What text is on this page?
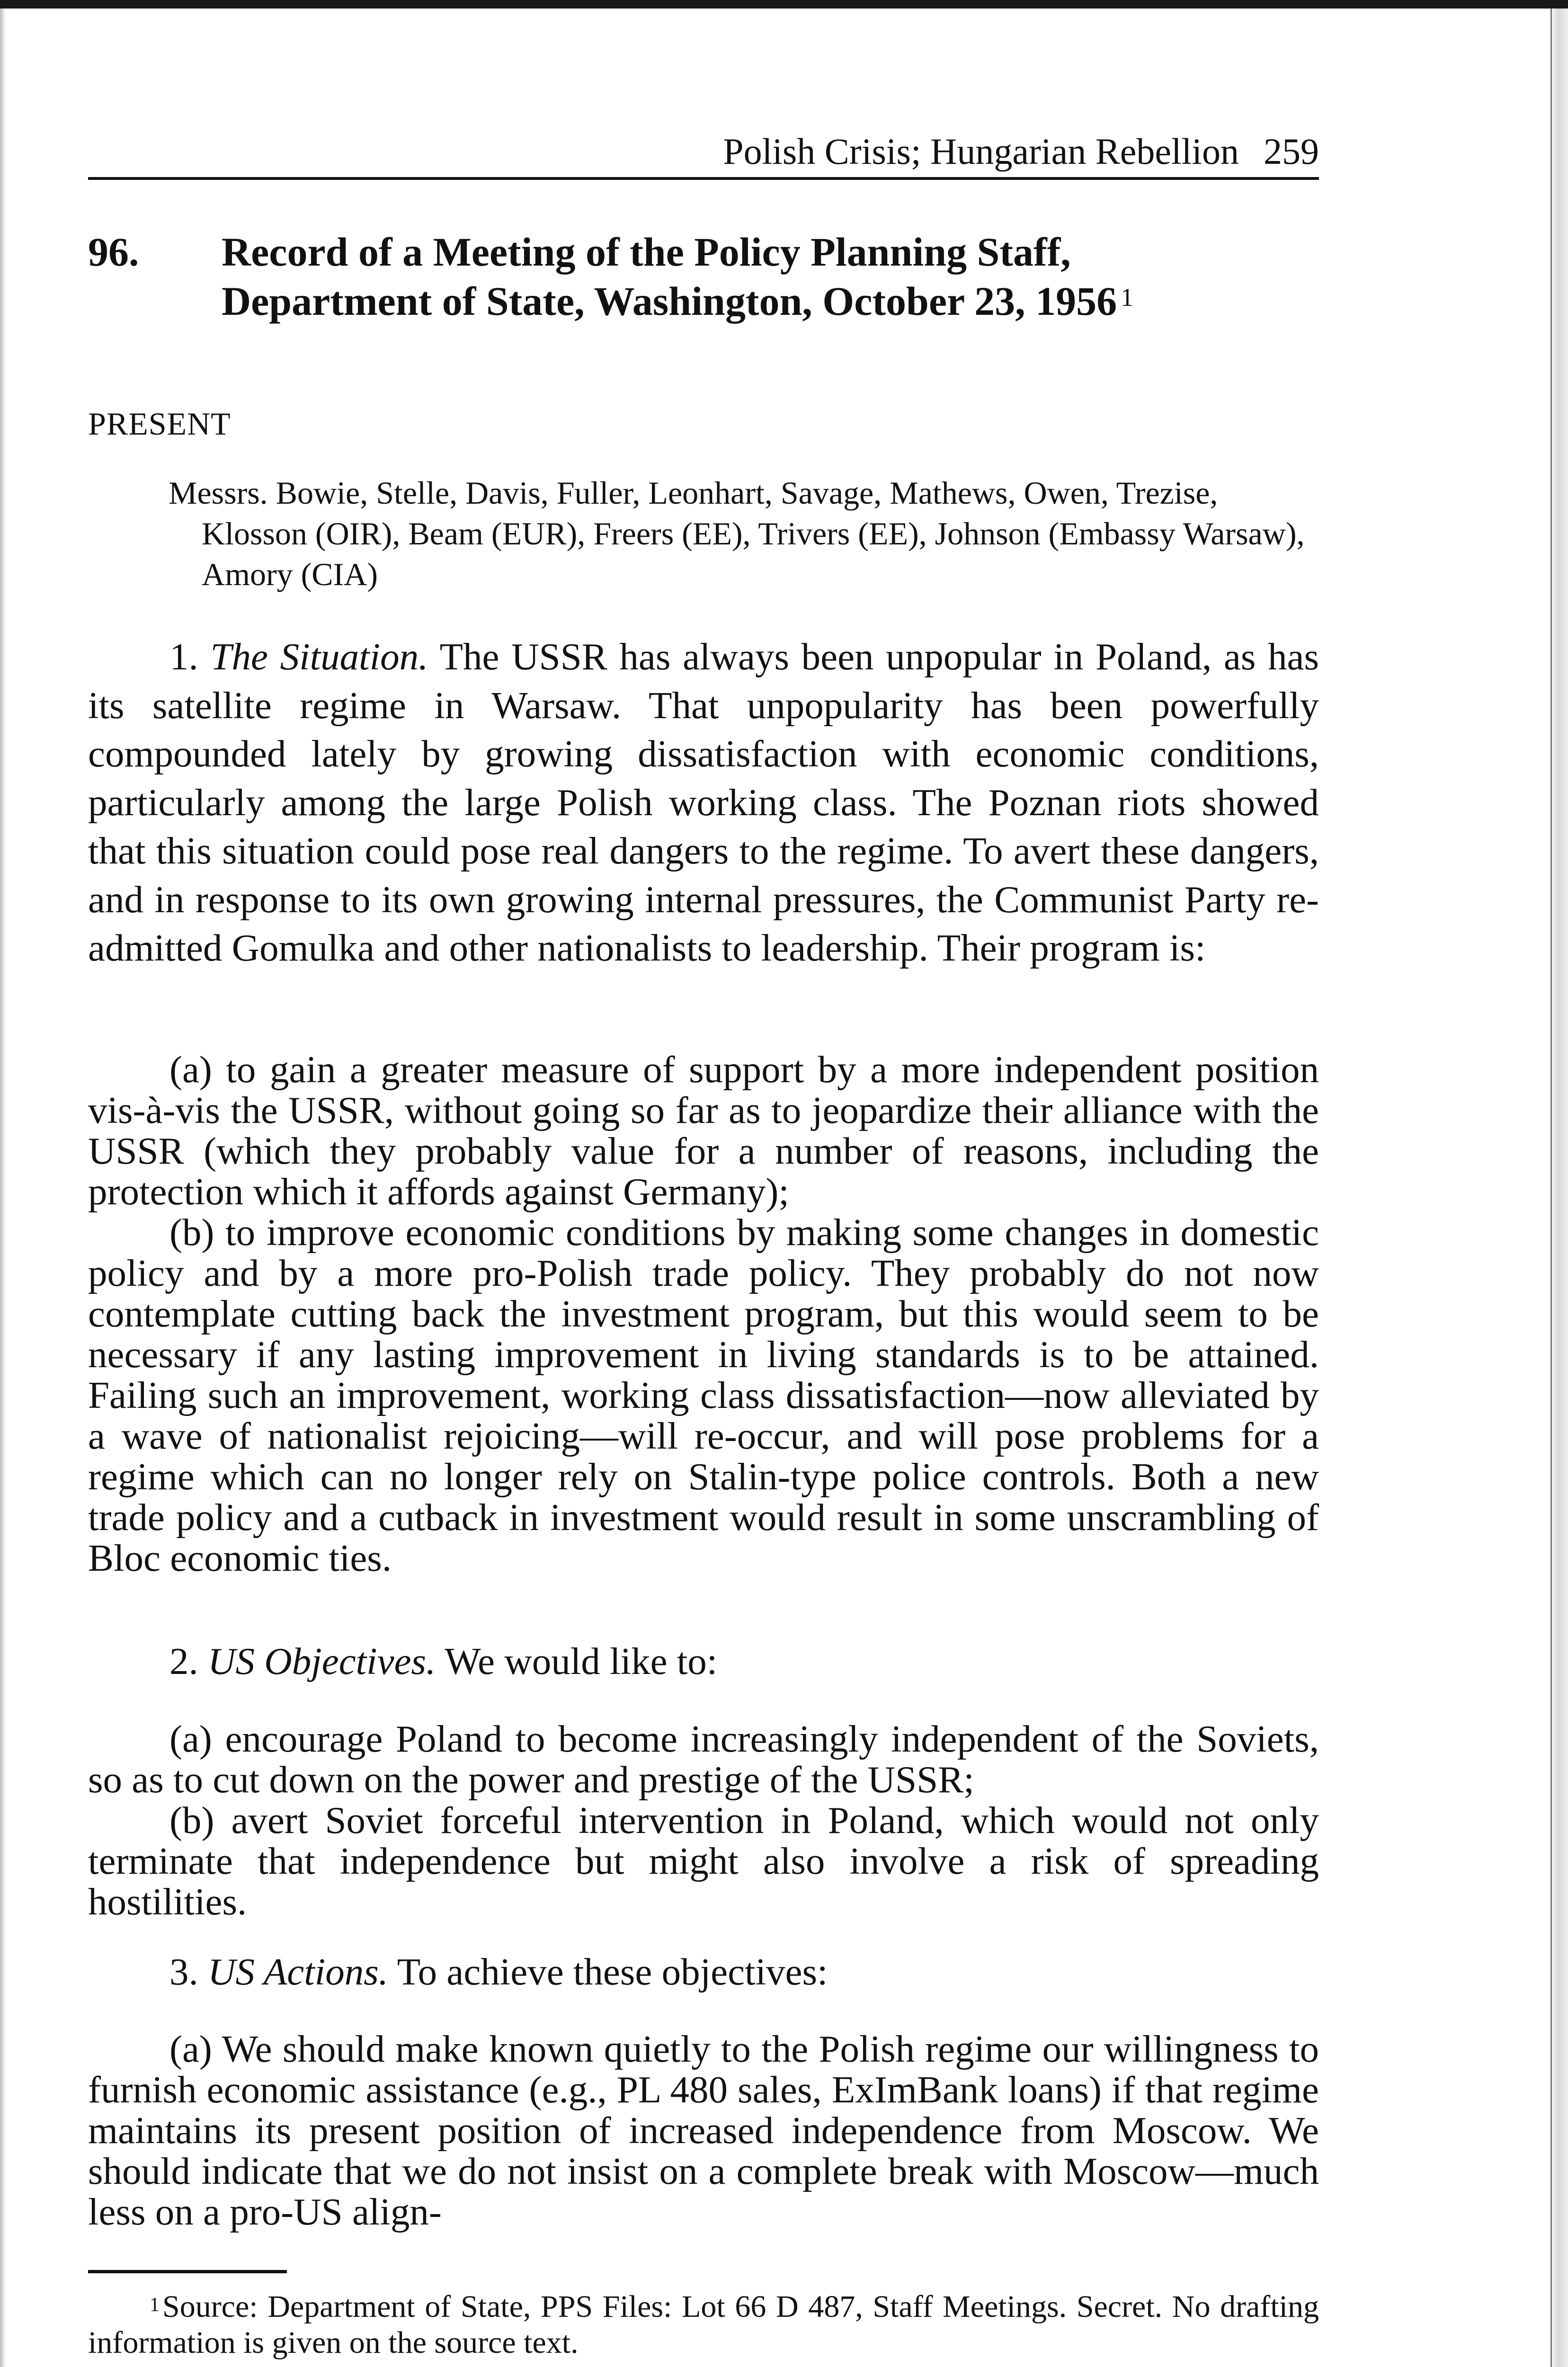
Polish Crisis; Hungarian Rebellion 259
96. Record of a Meeting of the Policy Planning Staff,
Department of State, Washington, October 23, 1956 $^1$
PRESENT
Messrs. Bowie, Stelle, Davis, Fuller, Leonhart, Savage, Mathews, Owen, Trezise, Klosson (OIR), Beam (EUR), Freers (EE), Trivers (EE), Johnson (Embassy Warsaw), Amory (CIA)
1. The Situation. The USSR has always been unpopular in Poland, as has its satellite regime in Warsaw. That unpopularity has been powerfully compounded lately by growing dissatisfaction with economic conditions, particularly among the large Polish working class. The Poznan riots showed that this situation could pose real dangers to the regime. To avert these dangers, and in response to its own growing internal pressures, the Communist Party re-admitted Gomulka and other nationalists to leadership. Their program is:
(a) to gain a greater measure of support by a more independent position vis-à-vis the USSR, without going so far as to jeopardize their alliance with the USSR (which they probably value for a number of reasons, including the protection which it affords against Germany);
(b) to improve economic conditions by making some changes in domestic policy and by a more pro-Polish trade policy. They probably do not now contemplate cutting back the investment program, but this would seem to be necessary if any lasting improvement in living standards is to be attained. Failing such an improvement, working class dissatisfaction—now alleviated by a wave of nationalist rejoicing—will re-occur, and will pose problems for a regime which can no longer rely on Stalin-type police controls. Both a new trade policy and a cutback in investment would result in some unscrambling of Bloc economic ties.
2. US Objectives. We would like to:
(a) encourage Poland to become increasingly independent of the Soviets, so as to cut down on the power and prestige of the USSR;
(b) avert Soviet forceful intervention in Poland, which would not only terminate that independence but might also involve a risk of spreading hostilities.
3. US Actions. To achieve these objectives:
(a) We should make known quietly to the Polish regime our willingness to furnish economic assistance (e.g., PL 480 sales, ExImBank loans) if that regime maintains its present position of increased independence from Moscow. We should indicate that we do not insist on a complete break with Moscow—much less on a pro-US align-
$^1$Source: Department of State, PPS Files: Lot 66 D 487, Staff Meetings. Secret. No drafting information is given on the source text.
